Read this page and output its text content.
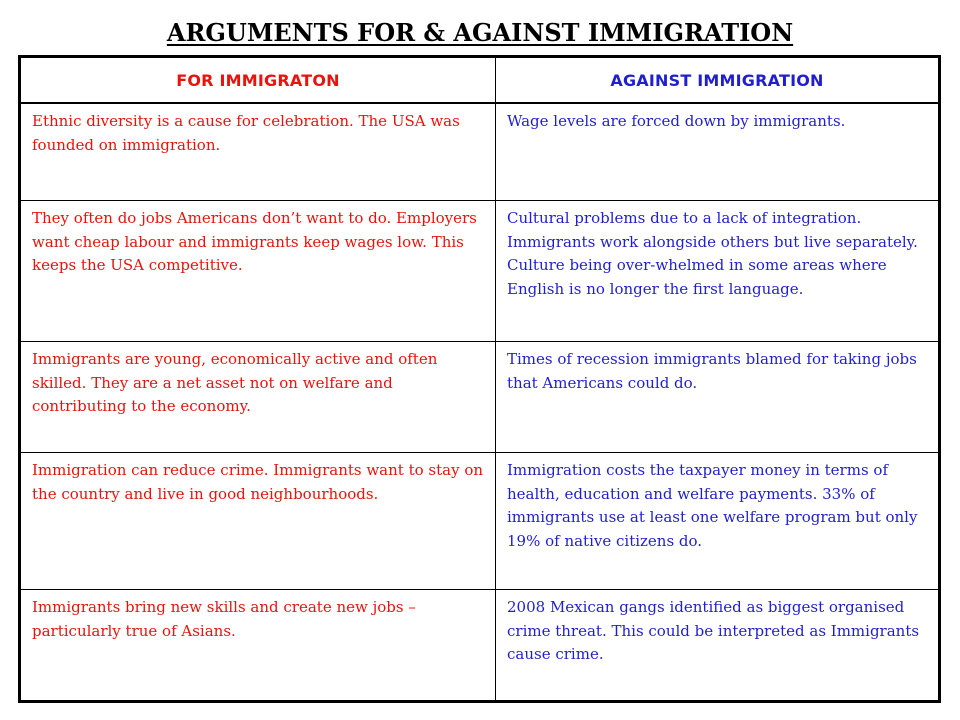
ARGUMENTS FOR & AGAINST IMMIGRATION
FOR IMMIGRATON	AGAINST IMMIGRATION

Ethnic diversity is a cause for celebration. The USA was founded on immigration.	Wage levels are forced down by immigrants.

They often do jobs Americans don’t want to do. Employers want cheap labour and immigrants keep wages low. This keeps the USA competitive.	Cultural problems due to a lack of integration. Immigrants work alongside others but live separately. Culture being over-whelmed in some areas where English is no longer the first language.

Immigrants are young, economically active and often skilled. They are a net asset not on welfare and contributing to the economy.	Times of recession immigrants blamed for taking jobs that Americans could do.

Immigration can reduce crime. Immigrants want to stay on the country and live in good neighbourhoods.	Immigration costs the taxpayer money in terms of health, education and welfare payments. 33% of immigrants use at least one welfare program but only 19% of native citizens do.

Immigrants bring new skills and create new jobs – particularly true of Asians.	2008 Mexican gangs identified as biggest organised crime threat. This could be interpreted as Immigrants cause crime.
